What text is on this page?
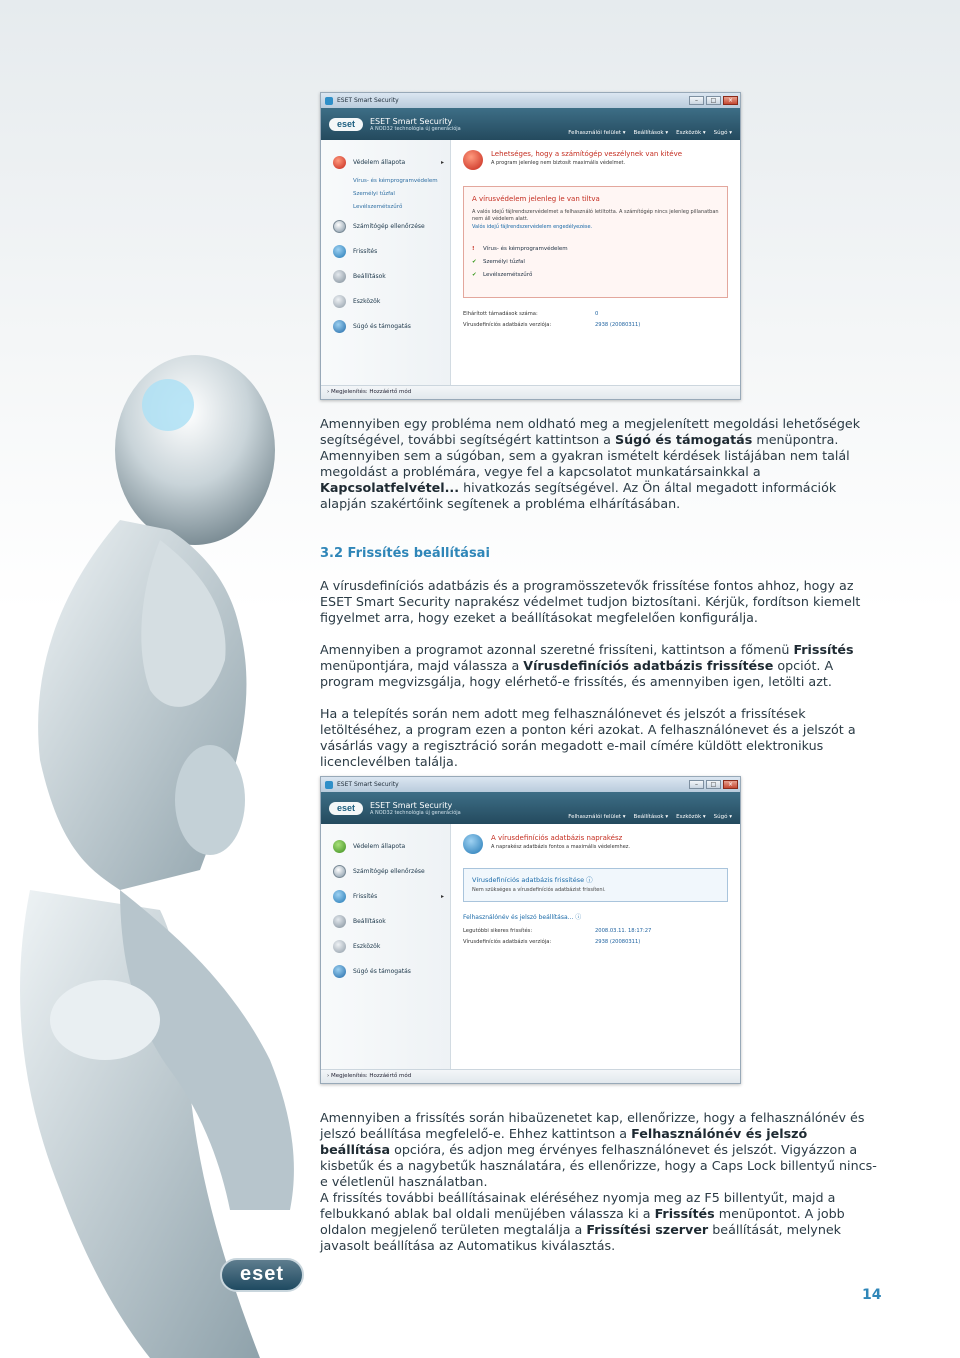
ESET Smart Security	–	□	×
eset	ESET Smart Security
A NOD32 technológia új generációja
Felhasználói felület ▾ Beállítások ▾ Eszközök ▾ Súgó ▾
Védelem állapota	▸
Vírus- és kémprogramvédelem
Személyi tűzfal
Levélszemétszűrő
Számítógép ellenőrzése
Frissítés
Beállítások
Eszközök
Súgó és támogatás
Lehetséges, hogy a számítógép veszélynek van kitéve
A program jelenleg nem biztosít maximális védelmet.
A vírusvédelem jelenleg le van tiltva
A valós idejű fájlrendszervédelmet a felhasználó letiltotta. A számítógép nincs jelenleg pillanatban nem áll védelem alatt.
Valós idejű fájlrendszervédelem engedélyezése.
!	Vírus- és kémprogramvédelem
✔	Személyi tűzfal
✔	Levélszemétszűrő
Elhárított támadások száma:	0
Vírusdefiníciós adatbázis verziója:	2938 (20080311)
› Megjelenítés: Hozzáértő mód

Amennyiben egy probléma nem oldható meg a megjelenített megoldási lehetőségek segítségével, további segítségért kattintson a Súgó és támogatás menüpontra. Amennyiben sem a súgóban, sem a gyakran ismételt kérdések listájában nem talál megoldást a problémára, vegye fel a kapcsolatot munkatársainkkal a Kapcsolatfelvétel... hivatkozás segítségével. Az Ön által megadott információk alapján szakértőink segítenek a probléma elhárításában.

3.2 Frissítés beállításai

A vírusdefiníciós adatbázis és a programösszetevők frissítése fontos ahhoz, hogy az ESET Smart Security naprakész védelmet tudjon biztosítani. Kérjük, fordítson kiemelt figyelmet arra, hogy ezeket a beállításokat megfelelően konfigurálja.

Amennyiben a programot azonnal szeretné frissíteni, kattintson a főmenü Frissítés menüpontjára, majd válassza a Vírusdefiníciós adatbázis frissítése opciót. A program megvizsgálja, hogy elérhető-e frissítés, és amennyiben igen, letölti azt.

Ha a telepítés során nem adott meg felhasználónevet és jelszót a frissítések letöltéséhez, a program ezen a ponton kéri azokat. A felhasználónevet és a jelszót a vásárlás vagy a regisztráció során megadott e-mail címére küldött elektronikus licenclevélben találja.

ESET Smart Security	–	□	×
eset	ESET Smart Security
A NOD32 technológia új generációja
Felhasználói felület ▾ Beállítások ▾ Eszközök ▾ Súgó ▾
Védelem állapota
Számítógép ellenőrzése
Frissítés	▸
Beállítások
Eszközök
Súgó és támogatás
A vírusdefiníciós adatbázis naprakész
A naprakész adatbázis fontos a maximális védelemhez.
Vírusdefiníciós adatbázis frissítése ⓘ
Nem szükséges a vírusdefiníciós adatbázist frissíteni.
Felhasználónév és jelszó beállítása... ⓘ
Legutóbbi sikeres frissítés:	2008.03.11. 18:17:27
Vírusdefiníciós adatbázis verziója:	2938 (20080311)
› Megjelenítés: Hozzáértő mód

Amennyiben a frissítés során hibaüzenetet kap, ellenőrizze, hogy a felhasználónév és jelszó beállítása megfelelő-e. Ehhez kattintson a Felhasználónév és jelszó beállítása opcióra, és adjon meg érvényes felhasználónevet és jelszót. Vigyázzon a kisbetűk és a nagybetűk használatára, és ellenőrizze, hogy a Caps Lock billentyű nincs-e véletlenül használatban.

A frissítés további beállításainak eléréséhez nyomja meg az F5 billentyűt, majd a felbukkanó ablak bal oldali menüjében válassza ki a Frissítés menüpontot. A jobb oldalon megjelenő területen megtalálja a Frissítési szerver beállítását, melynek javasolt beállítása az Automatikus kiválasztás.

eset
14
